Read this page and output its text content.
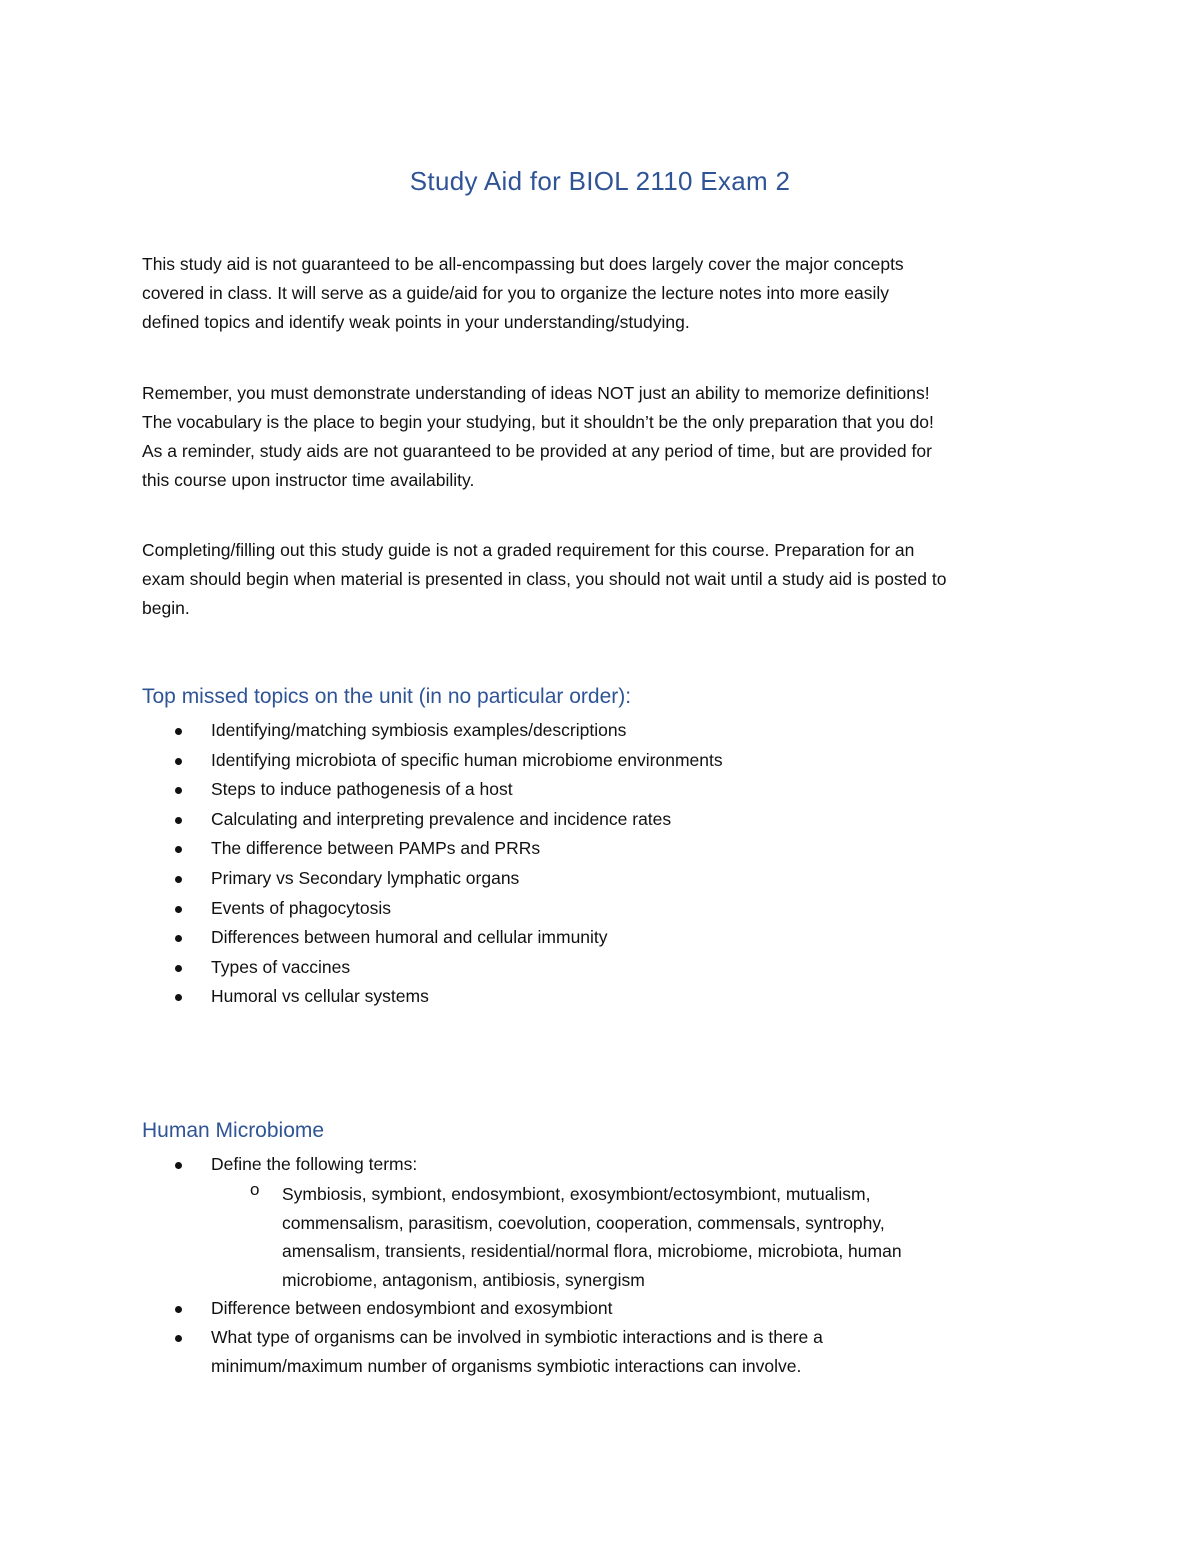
Study Aid for BIOL 2110 Exam 2
This study aid is not guaranteed to be all-encompassing but does largely cover the major concepts
covered in class. It will serve as a guide/aid for you to organize the lecture notes into more easily
defined topics and identify weak points in your understanding/studying.
Remember, you must demonstrate understanding of ideas NOT just an ability to memorize definitions!
The vocabulary is the place to begin your studying, but it shouldn’t be the only preparation that you do!
As a reminder, study aids are not guaranteed to be provided at any period of time, but are provided for
this course upon instructor time availability.
Completing/filling out this study guide is not a graded requirement for this course. Preparation for an
exam should begin when material is presented in class, you should not wait until a study aid is posted to
begin.
Top missed topics on the unit (in no particular order):
Identifying/matching symbiosis examples/descriptions
Identifying microbiota of specific human microbiome environments
Steps to induce pathogenesis of a host
Calculating and interpreting prevalence and incidence rates
The difference between PAMPs and PRRs
Primary vs Secondary lymphatic organs
Events of phagocytosis
Differences between humoral and cellular immunity
Types of vaccines
Humoral vs cellular systems
Human Microbiome
Define the following terms:
o Symbiosis, symbiont, endosymbiont, exosymbiont/ectosymbiont, mutualism,
commensalism, parasitism, coevolution, cooperation, commensals, syntrophy,
amensalism, transients, residential/normal flora, microbiome, microbiota, human
microbiome, antagonism, antibiosis, synergism
Difference between endosymbiont and exosymbiont
What type of organisms can be involved in symbiotic interactions and is there a
minimum/maximum number of organisms symbiotic interactions can involve.
